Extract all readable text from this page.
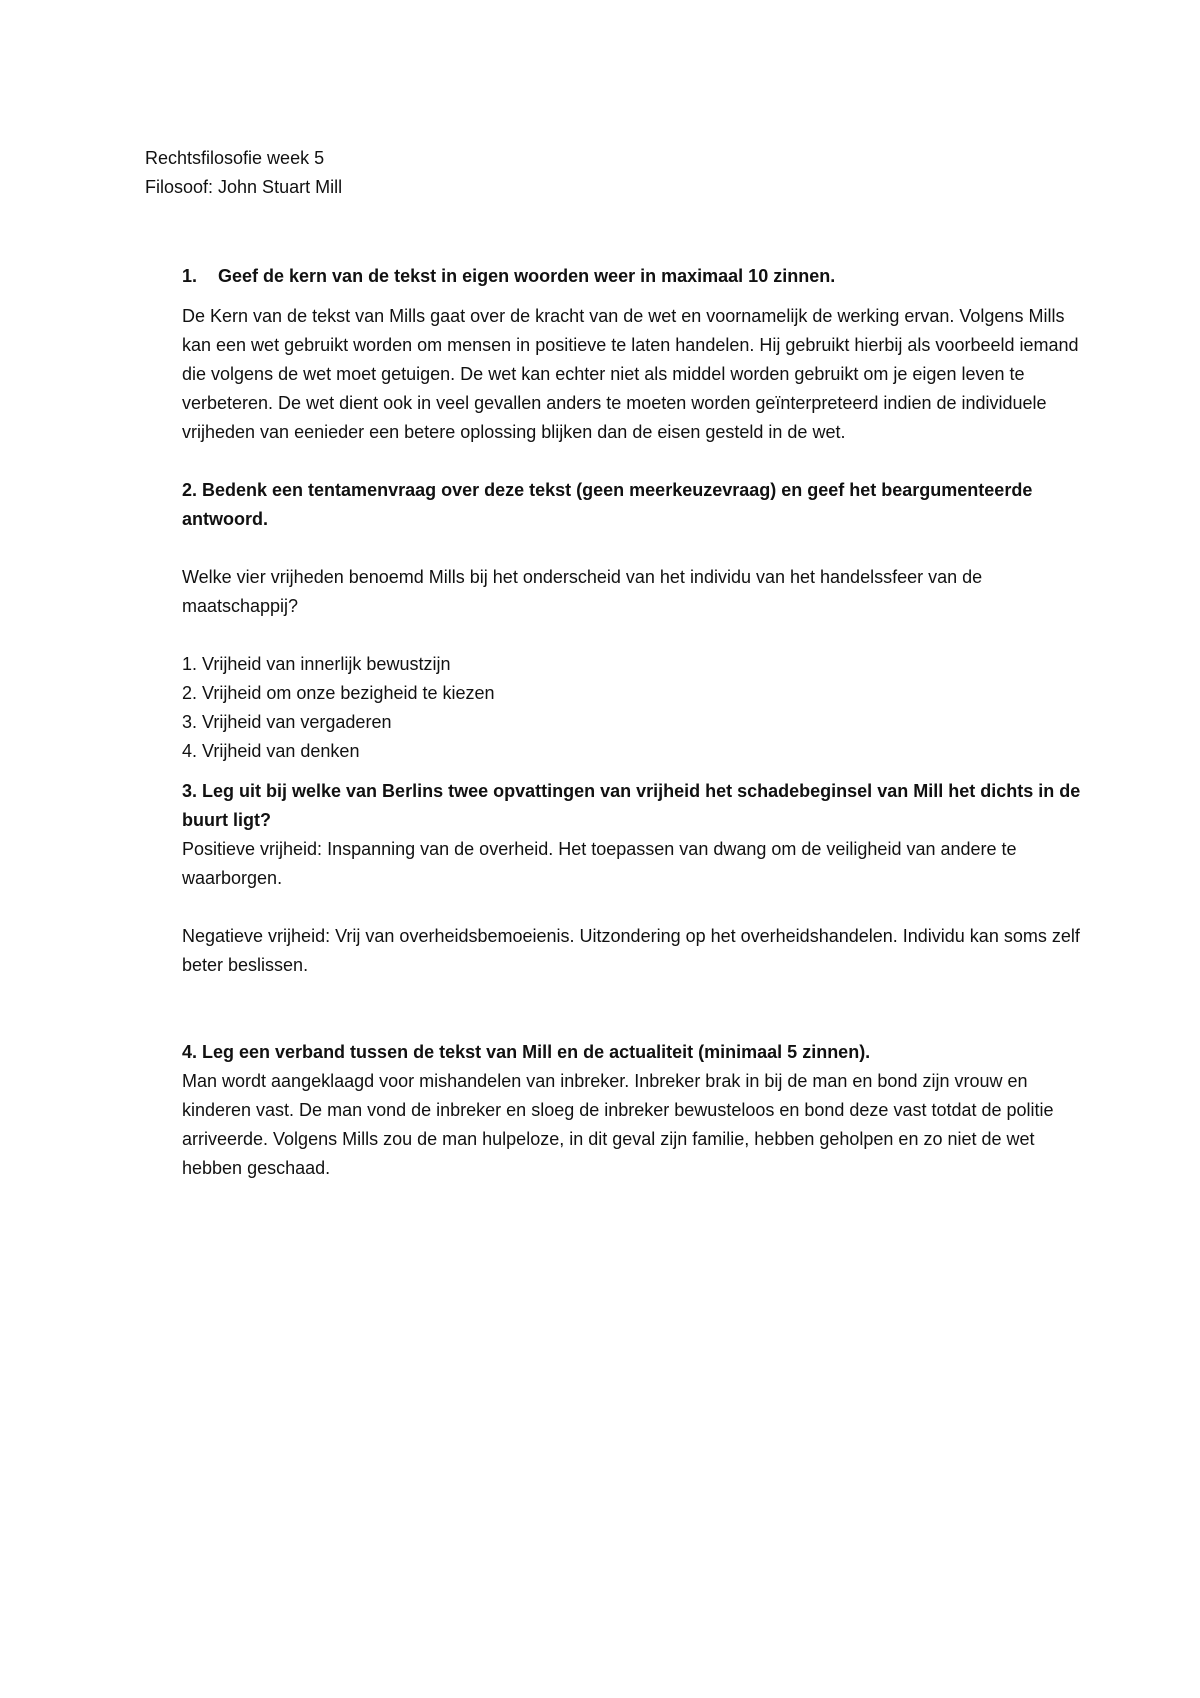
Rechtsfilosofie week 5

Filosoof: John Stuart Mill

1. Geef de kern van de tekst in eigen woorden weer in maximaal 10 zinnen.

De Kern van de tekst van Mills gaat over de kracht van de wet en voornamelijk de werking ervan. Volgens Mills kan een wet gebruikt worden om mensen in positieve te laten handelen. Hij gebruikt hierbij als voorbeeld iemand die volgens de wet moet getuigen. De wet kan echter niet als middel worden gebruikt om je eigen leven te verbeteren. De wet dient ook in veel gevallen anders te moeten worden geïnterpreteerd indien de individuele vrijheden van eenieder een betere oplossing blijken dan de eisen gesteld in de wet.

2. Bedenk een tentamenvraag over deze tekst (geen meerkeuzevraag) en geef het beargumenteerde antwoord.

Welke vier vrijheden benoemd Mills bij het onderscheid van het individu van het handelssfeer van de maatschappij?

1. Vrijheid van innerlijk bewustzijn
2. Vrijheid om onze bezigheid te kiezen
3. Vrijheid van vergaderen
4. Vrijheid van denken

3. Leg uit bij welke van Berlins twee opvattingen van vrijheid het schadebeginsel van Mill het dichts in de buurt ligt?

Positieve vrijheid: Inspanning van de overheid. Het toepassen van dwang om de veiligheid van andere te waarborgen.

Negatieve vrijheid: Vrij van overheidsbemoeienis. Uitzondering op het overheidshandelen. Individu kan soms zelf beter beslissen.

4. Leg een verband tussen de tekst van Mill en de actualiteit (minimaal 5 zinnen).

Man wordt aangeklaagd voor mishandelen van inbreker. Inbreker brak in bij de man en bond zijn vrouw en kinderen vast. De man vond de inbreker en sloeg de inbreker bewusteloos en bond deze vast totdat de politie arriveerde. Volgens Mills zou de man hulpeloze, in dit geval zijn familie, hebben geholpen en zo niet de wet hebben geschaad.
